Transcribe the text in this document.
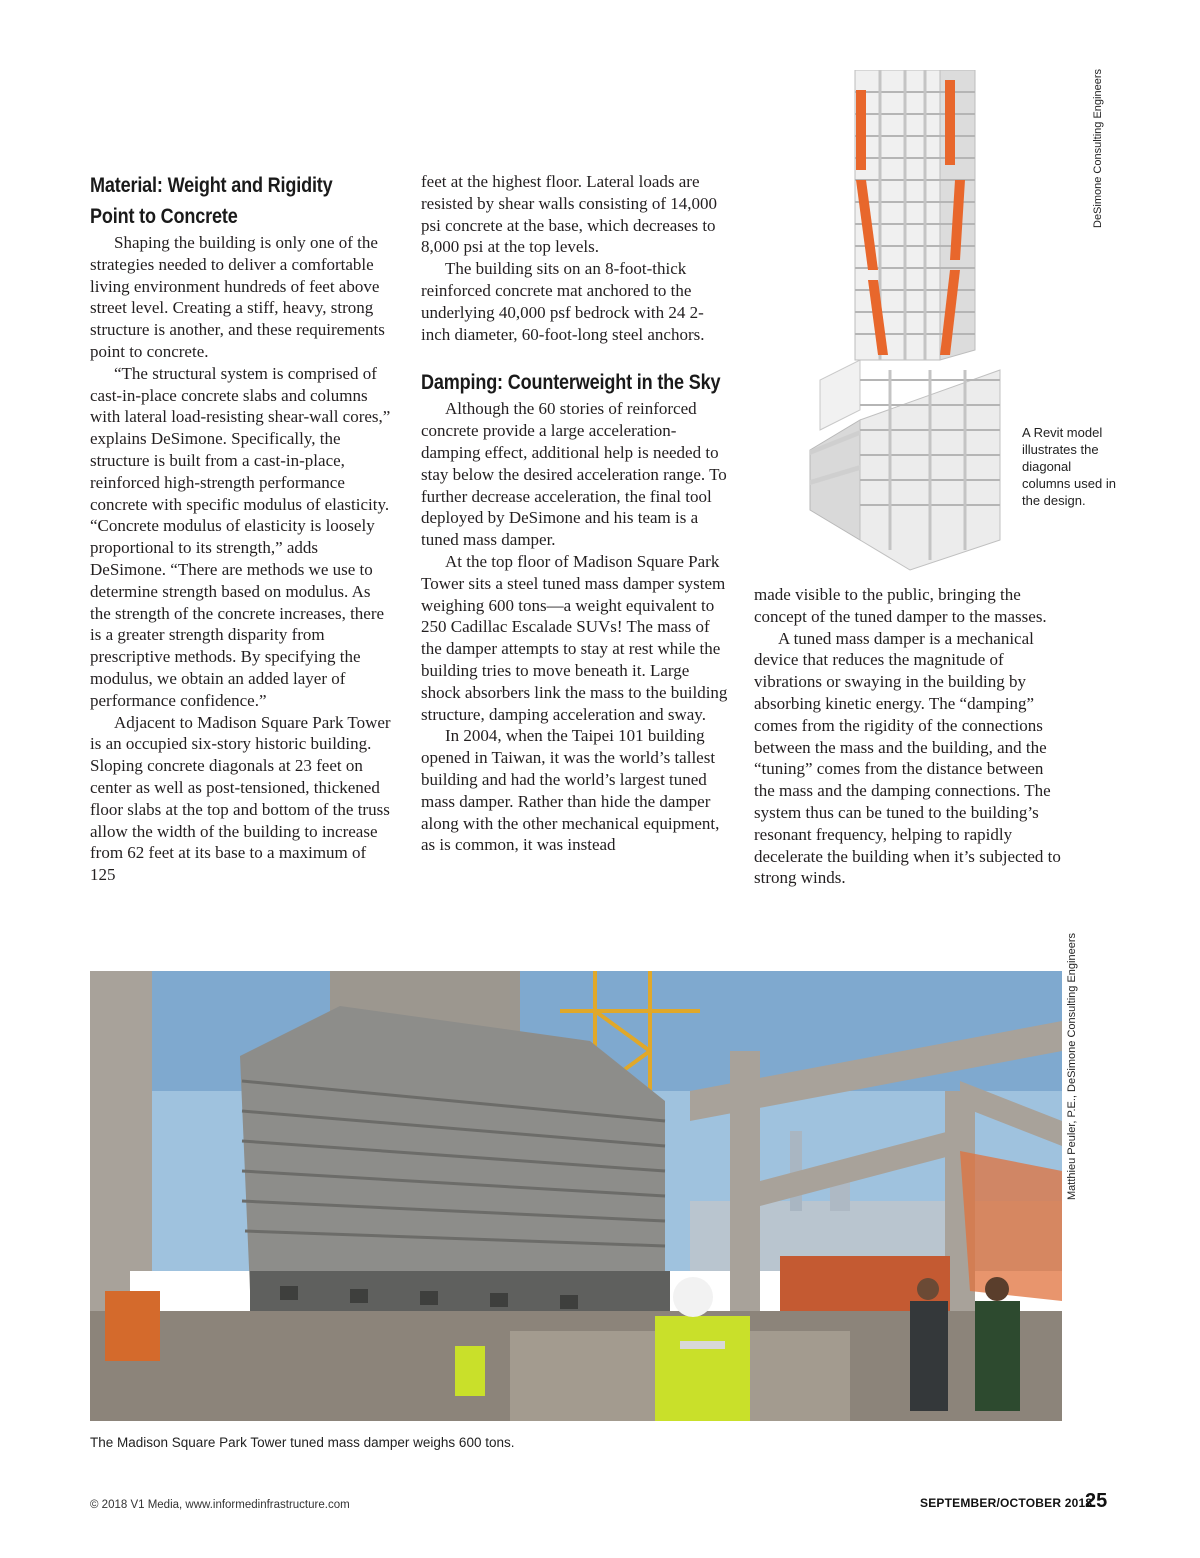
Material: Weight and Rigidity
Point to Concrete

Shaping the building is only one of the strategies needed to deliver a comfortable living environment hundreds of feet above street level. Creating a stiff, heavy, strong structure is another, and these requirements point to concrete.

“The structural system is comprised of cast-in-place concrete slabs and columns with lateral load-resisting shear-wall cores,” explains DeSimone. Specifically, the structure is built from a cast-in-place, reinforced high-strength performance concrete with specific modulus of elasticity. “Concrete modulus of elasticity is loosely proportional to its strength,” adds DeSimone. “There are methods we use to determine strength based on modulus. As the strength of the concrete increases, there is a greater strength disparity from prescriptive methods. By specifying the modulus, we obtain an added layer of performance confidence.”

Adjacent to Madison Square Park Tower is an occupied six-story historic building. Sloping concrete diagonals at 23 feet on center as well as post-tensioned, thickened floor slabs at the top and bottom of the truss allow the width of the building to increase from 62 feet at its base to a maximum of 125

feet at the highest floor. Lateral loads are resisted by shear walls consisting of 14,000 psi concrete at the base, which decreases to 8,000 psi at the top levels.

The building sits on an 8-foot-thick reinforced concrete mat anchored to the underlying 40,000 psf bedrock with 24 2-inch diameter, 60-foot-long steel anchors.

Damping: Counterweight in the Sky

Although the 60 stories of reinforced concrete provide a large acceleration-damping effect, additional help is needed to stay below the desired acceleration range. To further decrease acceleration, the final tool deployed by DeSimone and his team is a tuned mass damper.

At the top floor of Madison Square Park Tower sits a steel tuned mass damper system weighing 600 tons—a weight equivalent to 250 Cadillac Escalade SUVs! The mass of the damper attempts to stay at rest while the building tries to move beneath it. Large shock absorbers link the mass to the building structure, damping acceleration and sway.

In 2004, when the Taipei 101 building opened in Taiwan, it was the world’s tallest building and had the world’s largest tuned mass damper. Rather than hide the damper along with the other mechanical equipment, as is common, it was instead

made visible to the public, bringing the concept of the tuned damper to the masses.

A tuned mass damper is a mechanical device that reduces the magnitude of vibrations or swaying in the building by absorbing kinetic energy. The “damping” comes from the rigidity of the connections between the mass and the building, and the “tuning” comes from the distance between the mass and the damping connections. The system thus can be tuned to the building’s resonant frequency, helping to rapidly decelerate the building when it’s subjected to strong winds.

A Revit model illustrates the diagonal columns used in the design.
DeSimone Consulting Engineers
Matthieu Peuler, P.E., DeSimone Consulting Engineers
The Madison Square Park Tower tuned mass damper weighs 600 tons.
© 2018 V1 Media, www.informedinfrastructure.com	SEPTEMBER/OCTOBER 2018
25
